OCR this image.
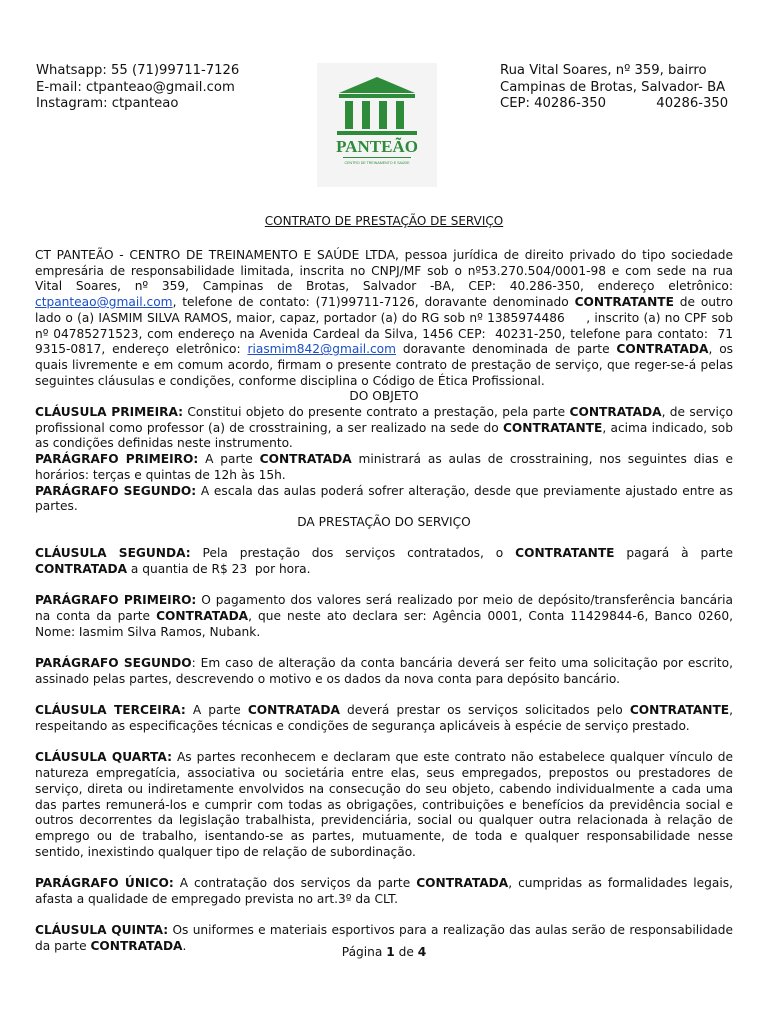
Whatsapp: 55 (71)99711-7126
E-mail: ctpanteao@gmail.com
Instagram: ctpanteao
PANTEÃO
CENTRO DE TREINAMENTO E SAÚDE
Rua Vital Soares, nº 359, bairro
Campinas de Brotas, Salvador- BA
CEP: 40286-350            40286-350
CONTRATO DE PRESTAÇÃO DE SERVIÇO

CT PANTEÃO - CENTRO DE TREINAMENTO E SAÚDE LTDA, pessoa jurídica de direito privado do tipo sociedade empresária de responsabilidade limitada, inscrita no CNPJ/MF sob o nº53.270.504/0001-98 e com sede na rua Vital Soares, nº 359, Campinas de Brotas, Salvador -BA, CEP: 40.286-350, endereço eletrônico: ctpanteao@gmail.com, telefone de contato: (71)99711-7126, doravante denominado CONTRATANTE de outro lado o (a) IASMIM SILVA RAMOS, maior, capaz, portador (a) do RG sob nº 1385974486     , inscrito (a) no CPF sob nº 04785271523, com endereço na Avenida Cardeal da Silva, 1456 CEP:  40231-250, telefone para contato:  71 9315-0817, endereço eletrônico: riasmim842@gmail.com doravante denominada de parte CONTRATADA, os quais livremente e em comum acordo, firmam o presente contrato de prestação de serviço, que reger-se-á pelas seguintes cláusulas e condições, conforme disciplina o Código de Ética Profissional.

DO OBJETO

CLÁUSULA PRIMEIRA: Constitui objeto do presente contrato a prestação, pela parte CONTRATADA, de serviço profissional como professor (a) de crosstraining, a ser realizado na sede do CONTRATANTE, acima indicado, sob as condições definidas neste instrumento.

PARÁGRAFO PRIMEIRO: A parte CONTRATADA ministrará as aulas de crosstraining, nos seguintes dias e horários: terças e quintas de 12h às 15h.

PARÁGRAFO SEGUNDO: A escala das aulas poderá sofrer alteração, desde que previamente ajustado entre as partes.

DA PRESTAÇÃO DO SERVIÇO

CLÁUSULA SEGUNDA: Pela prestação dos serviços contratados, o CONTRATANTE pagará à parte CONTRATADA a quantia de R$ 23  por hora.

PARÁGRAFO PRIMEIRO: O pagamento dos valores será realizado por meio de depósito/transferência bancária na conta da parte CONTRATADA, que neste ato declara ser: Agência 0001, Conta 11429844-6, Banco 0260, Nome: Iasmim Silva Ramos, Nubank.

PARÁGRAFO SEGUNDO: Em caso de alteração da conta bancária deverá ser feito uma solicitação por escrito, assinado pelas partes, descrevendo o motivo e os dados da nova conta para depósito bancário.

CLÁUSULA TERCEIRA: A parte CONTRATADA deverá prestar os serviços solicitados pelo CONTRATANTE, respeitando as especificações técnicas e condições de segurança aplicáveis à espécie de serviço prestado.

CLÁUSULA QUARTA: As partes reconhecem e declaram que este contrato não estabelece qualquer vínculo de natureza empregatícia, associativa ou societária entre elas, seus empregados, prepostos ou prestadores de serviço, direta ou indiretamente envolvidos na consecução do seu objeto, cabendo individualmente a cada uma das partes remunerá-los e cumprir com todas as obrigações, contribuições e benefícios da previdência social e outros decorrentes da legislação trabalhista, previdenciária, social ou qualquer outra relacionada à relação de emprego ou de trabalho, isentando-se as partes, mutuamente, de toda e qualquer responsabilidade nesse sentido, inexistindo qualquer tipo de relação de subordinação.

PARÁGRAFO ÚNICO: A contratação dos serviços da parte CONTRATADA, cumpridas as formalidades legais, afasta a qualidade de empregado prevista no art.3º da CLT.

CLÁUSULA QUINTA: Os uniformes e materiais esportivos para a realização das aulas serão de responsabilidade da parte CONTRATADA.	Página 1 de 4
